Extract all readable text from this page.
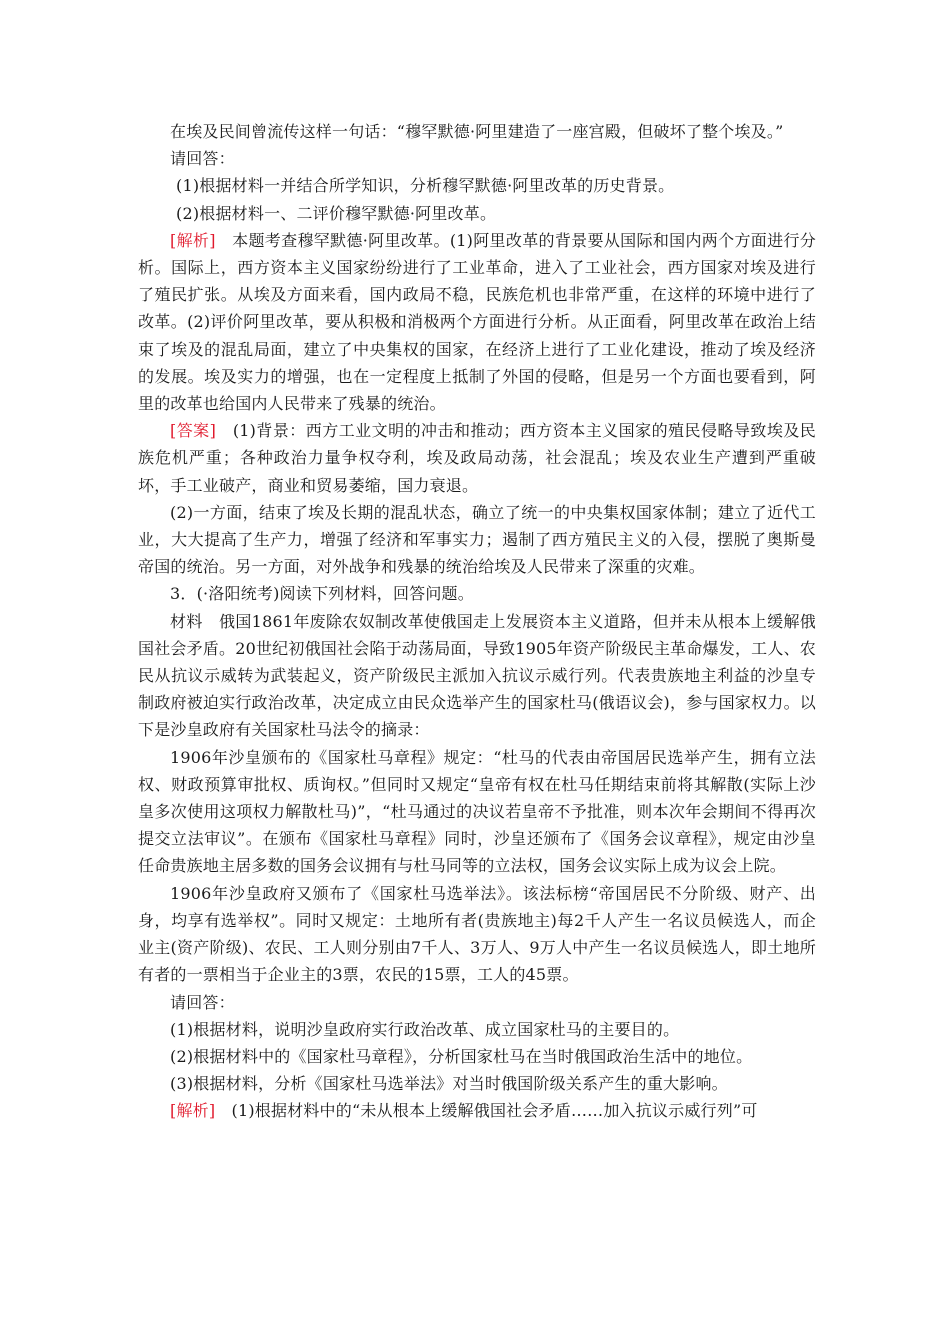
在埃及民间曾流传这样一句话：“穆罕默德·阿里建造了一座宫殿，但破坏了整个埃及。”

请回答：

(1)根据材料一并结合所学知识，分析穆罕默德·阿里改革的历史背景。

(2)根据材料一、二评价穆罕默德·阿里改革。

[解析]　本题考查穆罕默德·阿里改革。(1)阿里改革的背景要从国际和国内两个方面进行分析。国际上，西方资本主义国家纷纷进行了工业革命，进入了工业社会，西方国家对埃及进行了殖民扩张。从埃及方面来看，国内政局不稳，民族危机也非常严重，在这样的环境中进行了改革。(2)评价阿里改革，要从积极和消极两个方面进行分析。从正面看，阿里改革在政治上结束了埃及的混乱局面，建立了中央集权的国家，在经济上进行了工业化建设，推动了埃及经济的发展。埃及实力的增强，也在一定程度上抵制了外国的侵略，但是另一个方面也要看到，阿里的改革也给国内人民带来了残暴的统治。

[答案]　(1)背景：西方工业文明的冲击和推动；西方资本主义国家的殖民侵略导致埃及民族危机严重；各种政治力量争权夺利，埃及政局动荡，社会混乱；埃及农业生产遭到严重破坏，手工业破产，商业和贸易萎缩，国力衰退。

(2)一方面，结束了埃及长期的混乱状态，确立了统一的中央集权国家体制；建立了近代工业，大大提高了生产力，增强了经济和军事实力；遏制了西方殖民主义的入侵，摆脱了奥斯曼帝国的统治。另一方面，对外战争和残暴的统治给埃及人民带来了深重的灾难。

3．(·洛阳统考)阅读下列材料，回答问题。

材料　俄国1861年废除农奴制改革使俄国走上发展资本主义道路，但并未从根本上缓解俄国社会矛盾。20世纪初俄国社会陷于动荡局面，导致1905年资产阶级民主革命爆发，工人、农民从抗议示威转为武装起义，资产阶级民主派加入抗议示威行列。代表贵族地主利益的沙皇专制政府被迫实行政治改革，决定成立由民众选举产生的国家杜马(俄语议会)，参与国家权力。以下是沙皇政府有关国家杜马法令的摘录：

1906年沙皇颁布的《国家杜马章程》规定：“杜马的代表由帝国居民选举产生，拥有立法权、财政预算审批权、质询权。”但同时又规定“皇帝有权在杜马任期结束前将其解散(实际上沙皇多次使用这项权力解散杜马)”，“杜马通过的决议若皇帝不予批准，则本次年会期间不得再次提交立法审议”。在颁布《国家杜马章程》同时，沙皇还颁布了《国务会议章程》，规定由沙皇任命贵族地主居多数的国务会议拥有与杜马同等的立法权，国务会议实际上成为议会上院。

1906年沙皇政府又颁布了《国家杜马选举法》。该法标榜“帝国居民不分阶级、财产、出身，均享有选举权”。同时又规定：土地所有者(贵族地主)每2千人产生一名议员候选人，而企业主(资产阶级)、农民、工人则分别由7千人、3万人、9万人中产生一名议员候选人，即土地所有者的一票相当于企业主的3票，农民的15票，工人的45票。

请回答：

(1)根据材料，说明沙皇政府实行政治改革、成立国家杜马的主要目的。

(2)根据材料中的《国家杜马章程》，分析国家杜马在当时俄国政治生活中的地位。

(3)根据材料，分析《国家杜马选举法》对当时俄国阶级关系产生的重大影响。

[解析]　(1)根据材料中的“未从根本上缓解俄国社会矛盾……加入抗议示威行列”可
